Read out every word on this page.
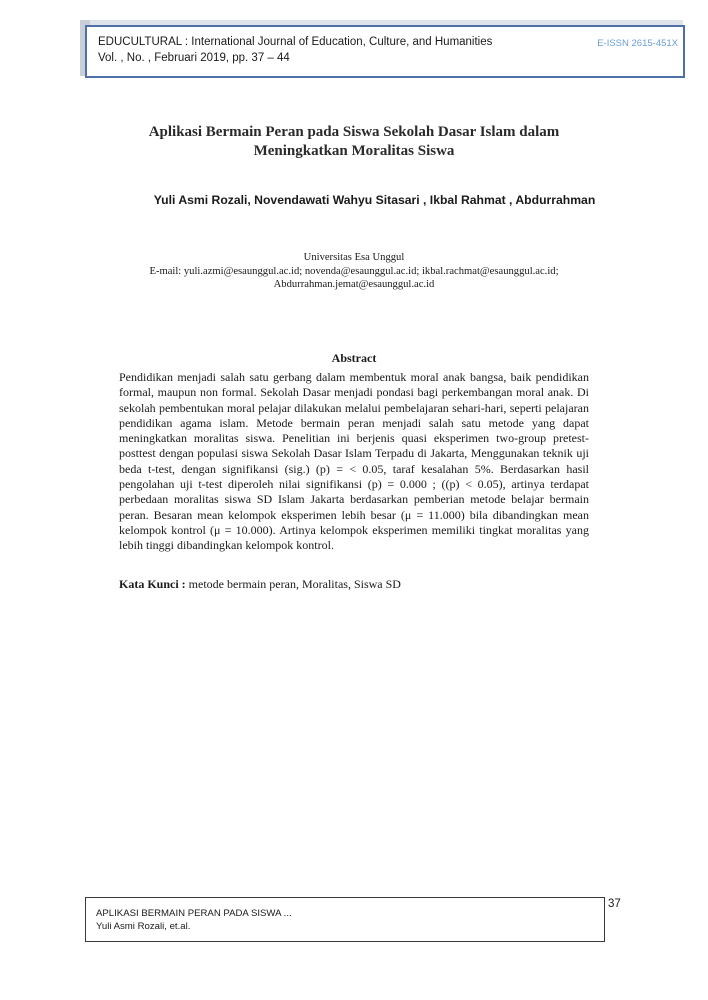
EDUCULTURAL : International Journal of Education, Culture, and Humanities
Vol. , No. , Februari 2019, pp. 37 – 44
E-ISSN 2615-451X
Aplikasi Bermain Peran pada Siswa Sekolah Dasar Islam dalam
Meningkatkan Moralitas Siswa
Yuli Asmi Rozali, Novendawati Wahyu Sitasari , Ikbal Rahmat , Abdurrahman
Universitas Esa Unggul
E-mail: yuli.azmi@esaunggul.ac.id; novenda@esaunggul.ac.id; ikbal.rachmat@esaunggul.ac.id;
Abdurrahman.jemat@esaunggul.ac.id
Abstract
Pendidikan menjadi salah satu gerbang dalam membentuk moral anak bangsa, baik pendidikan formal, maupun non formal. Sekolah Dasar menjadi pondasi bagi perkembangan moral anak. Di sekolah pembentukan moral pelajar dilakukan melalui pembelajaran sehari-hari, seperti pelajaran pendidikan agama islam. Metode bermain peran menjadi salah satu metode yang dapat meningkatkan moralitas siswa. Penelitian ini berjenis quasi eksperimen two-group pretest-posttest dengan populasi siswa Sekolah Dasar Islam Terpadu di Jakarta, Menggunakan teknik uji beda t-test, dengan signifikansi (sig.) (p) = < 0.05, taraf kesalahan 5%. Berdasarkan hasil pengolahan uji t-test diperoleh nilai signifikansi (p) = 0.000 ; ((p) < 0.05), artinya terdapat perbedaan moralitas siswa SD Islam Jakarta berdasarkan pemberian metode belajar bermain peran. Besaran mean kelompok eksperimen lebih besar (μ = 11.000) bila dibandingkan mean kelompok kontrol (μ = 10.000). Artinya kelompok eksperimen memiliki tingkat moralitas yang lebih tinggi dibandingkan kelompok kontrol.
Kata Kunci : metode bermain peran, Moralitas, Siswa SD
37
APLIKASI BERMAIN PERAN PADA SISWA ...
Yuli Asmi Rozali, et.al.
